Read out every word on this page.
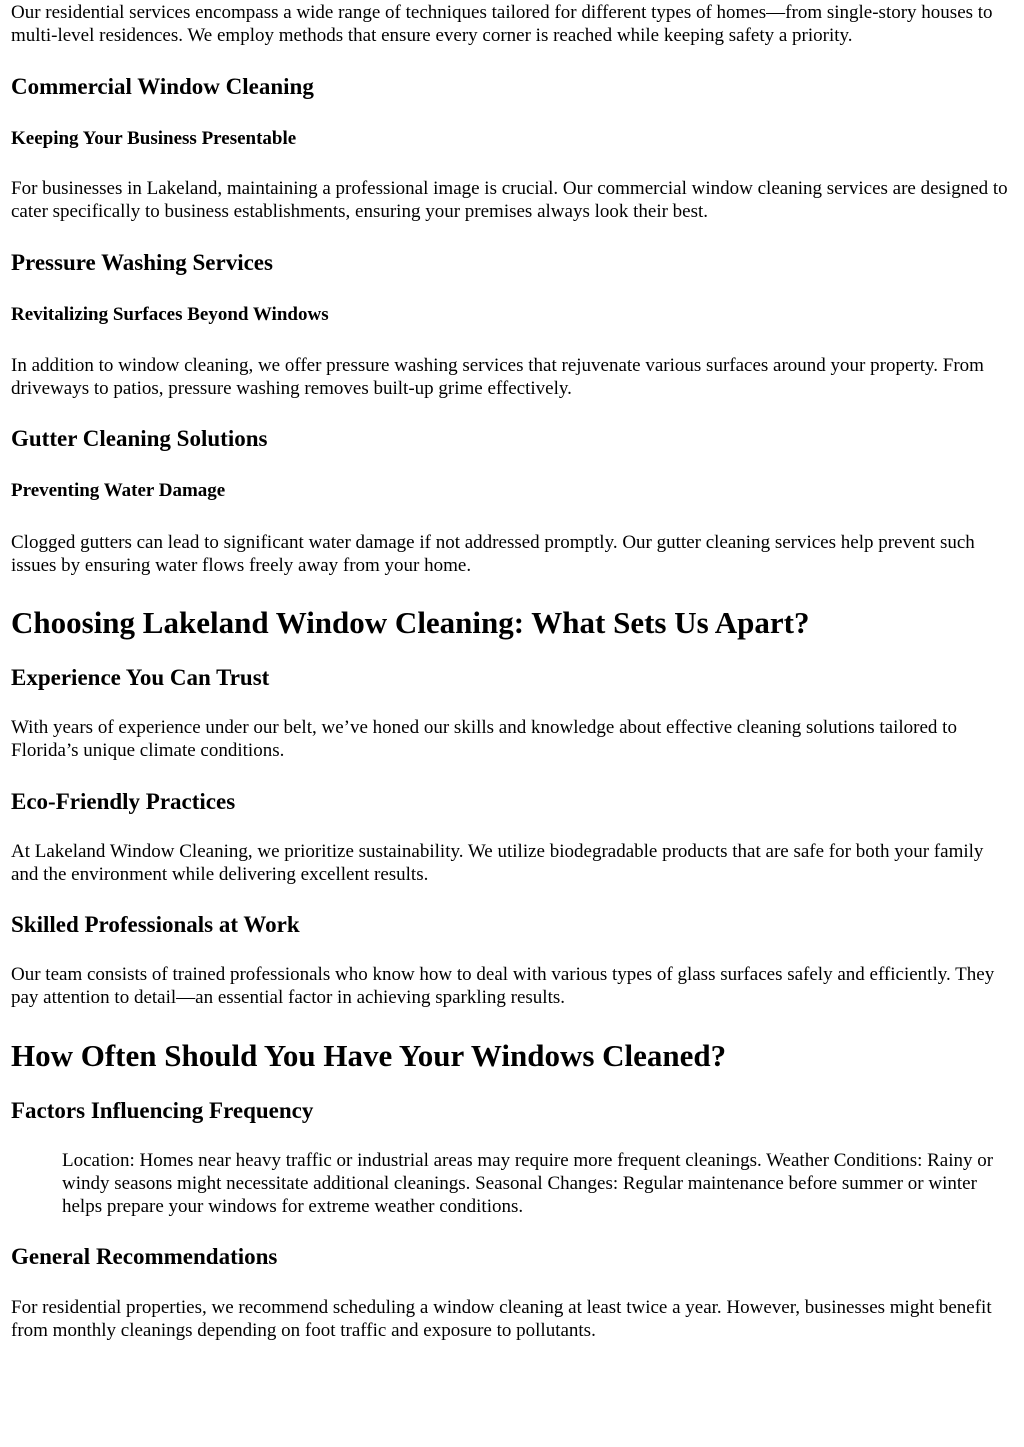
Our residential services encompass a wide range of techniques tailored for different types of homes—from single-story houses to multi-level residences. We employ methods that ensure every corner is reached while keeping safety a priority.

Commercial Window Cleaning
Keeping Your Business Presentable

For businesses in Lakeland, maintaining a professional image is crucial. Our commercial window cleaning services are designed to cater specifically to business establishments, ensuring your premises always look their best.

Pressure Washing Services
Revitalizing Surfaces Beyond Windows

In addition to window cleaning, we offer pressure washing services that rejuvenate various surfaces around your property. From driveways to patios, pressure washing removes built-up grime effectively.

Gutter Cleaning Solutions
Preventing Water Damage

Clogged gutters can lead to significant water damage if not addressed promptly. Our gutter cleaning services help prevent such issues by ensuring water flows freely away from your home.

Choosing Lakeland Window Cleaning: What Sets Us Apart?
Experience You Can Trust

With years of experience under our belt, we’ve honed our skills and knowledge about effective cleaning solutions tailored to Florida’s unique climate conditions.

Eco-Friendly Practices

At Lakeland Window Cleaning, we prioritize sustainability. We utilize biodegradable products that are safe for both your family and the environment while delivering excellent results.

Skilled Professionals at Work

Our team consists of trained professionals who know how to deal with various types of glass surfaces safely and efficiently. They pay attention to detail—an essential factor in achieving sparkling results.

How Often Should You Have Your Windows Cleaned?
Factors Influencing Frequency

Location: Homes near heavy traffic or industrial areas may require more frequent cleanings. Weather Conditions: Rainy or windy seasons might necessitate additional cleanings. Seasonal Changes: Regular maintenance before summer or winter helps prepare your windows for extreme weather conditions.

General Recommendations

For residential properties, we recommend scheduling a window cleaning at least twice a year. However, businesses might benefit from monthly cleanings depending on foot traffic and exposure to pollutants.
